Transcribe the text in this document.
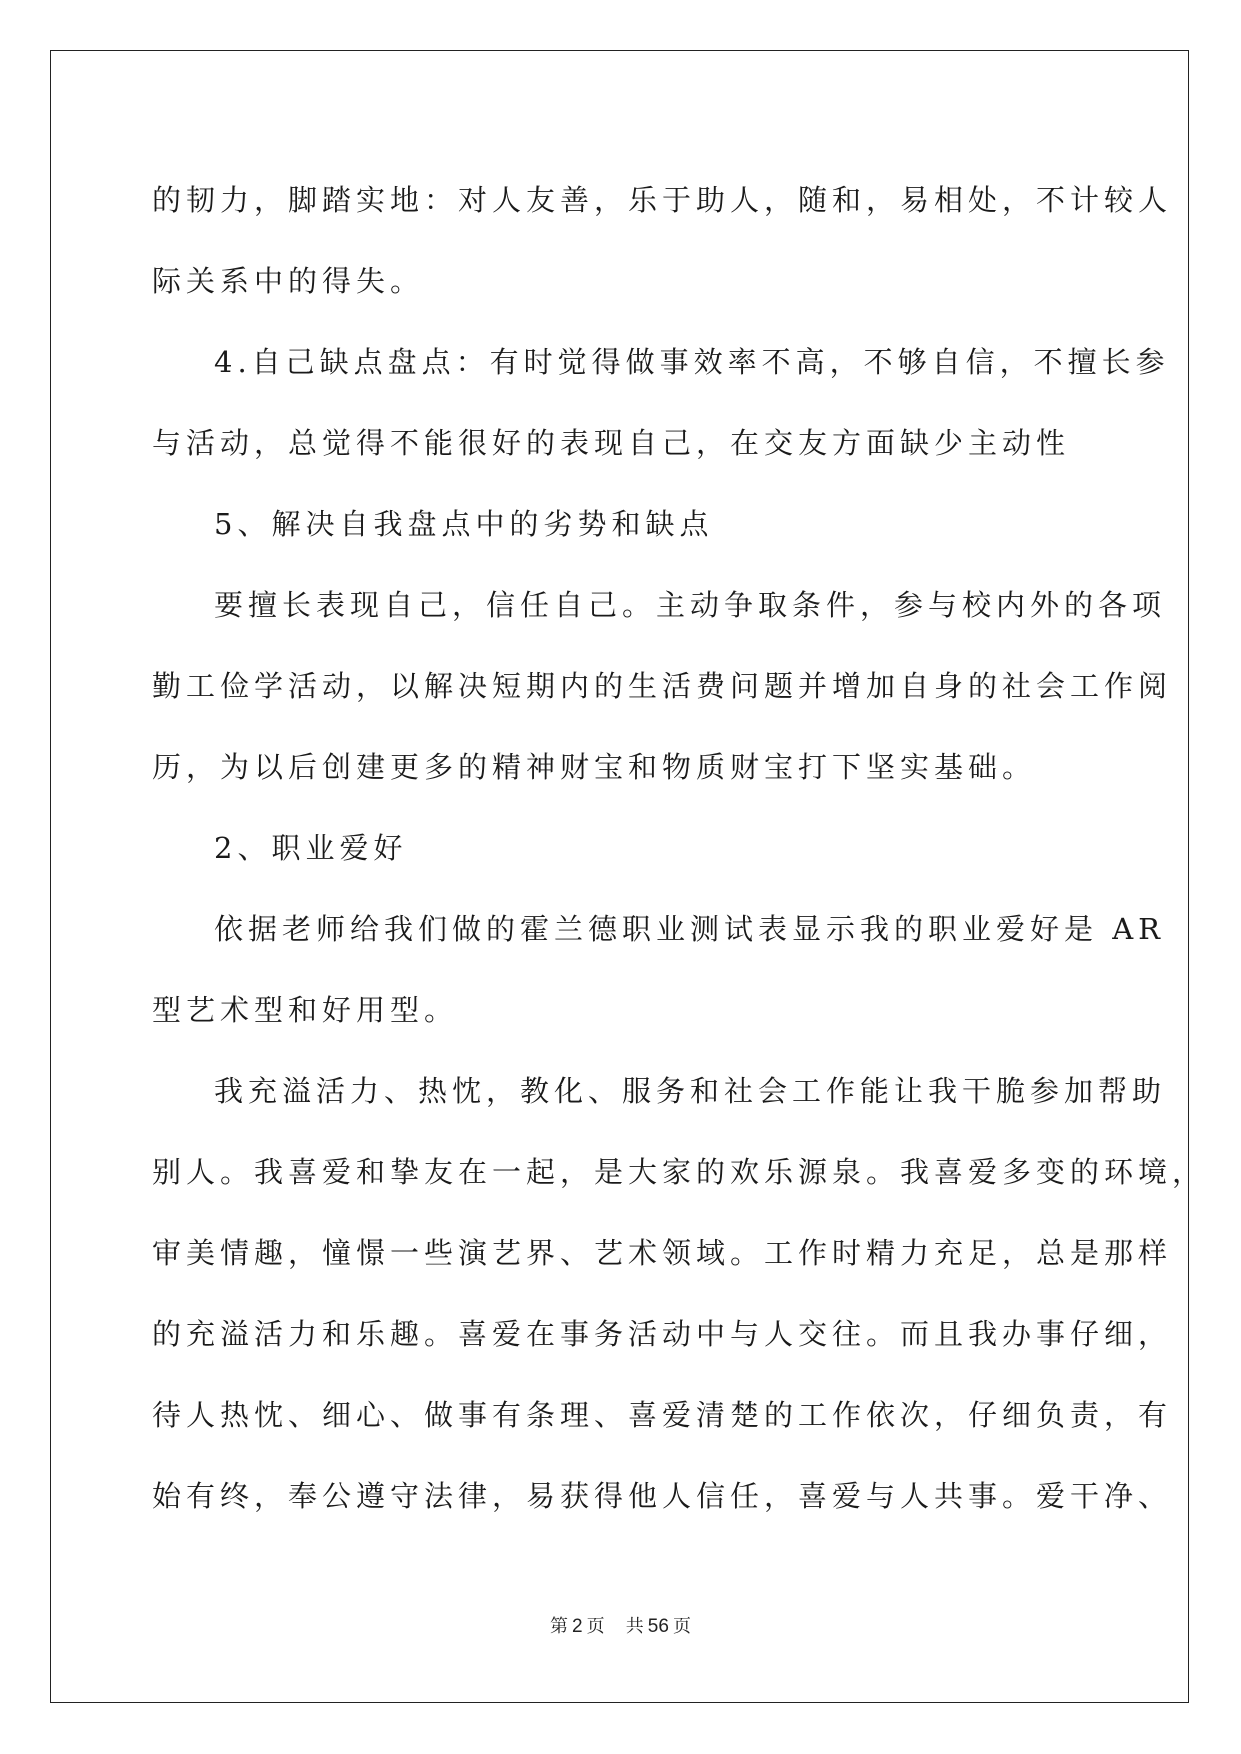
的韧力，脚踏实地：对人友善，乐于助人，随和，易相处，不计较人
际关系中的得失。
4.自己缺点盘点：有时觉得做事效率不高，不够自信，不擅长参
与活动，总觉得不能很好的表现自己，在交友方面缺少主动性
5、解决自我盘点中的劣势和缺点
要擅长表现自己，信任自己。主动争取条件，参与校内外的各项
勤工俭学活动，以解决短期内的生活费问题并增加自身的社会工作阅
历，为以后创建更多的精神财宝和物质财宝打下坚实基础。
2、职业爱好
依据老师给我们做的霍兰德职业测试表显示我的职业爱好是 AR
型艺术型和好用型。
我充溢活力、热忱，教化、服务和社会工作能让我干脆参加帮助
别人。我喜爱和挚友在一起，是大家的欢乐源泉。我喜爱多变的环境，
审美情趣，憧憬一些演艺界、艺术领域。工作时精力充足，总是那样
的充溢活力和乐趣。喜爱在事务活动中与人交往。而且我办事仔细，
待人热忱、细心、做事有条理、喜爱清楚的工作依次，仔细负责，有
始有终，奉公遵守法律，易获得他人信任，喜爱与人共事。爱干净、
第 2 页 共 56 页
